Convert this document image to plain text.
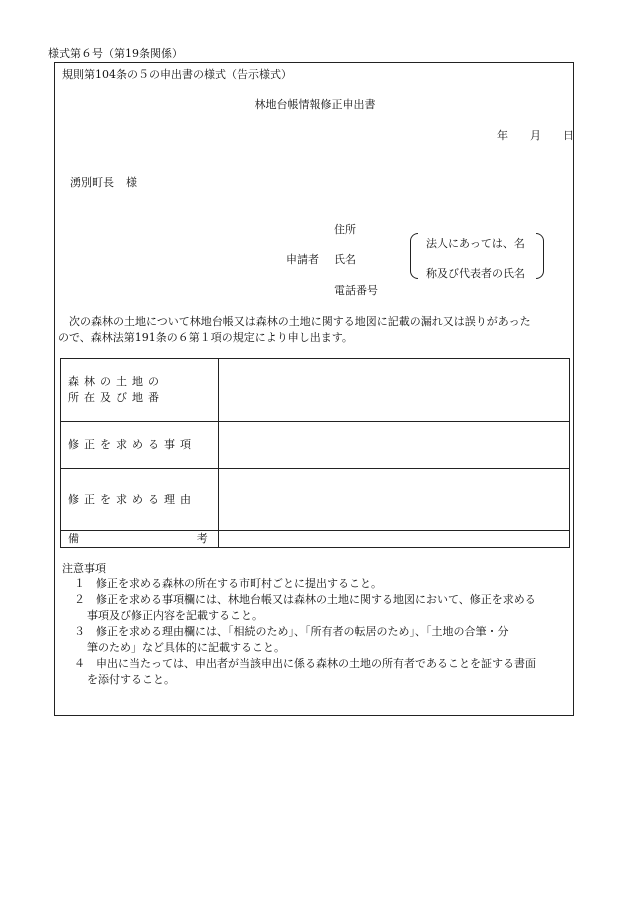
様式第６号（第19条関係）
規則第104条の５の申出書の様式（告示様式）
林地台帳情報修正申出書
年 月 日
湧別町長 様
住所
申請者 氏名
電話番号
法人にあっては、名
称及び代表者の氏名
次の森林の土地について林地台帳又は森林の土地に関する地図に記載の漏れ又は誤りがあった
ので、森林法第191条の６第１項の規定により申し出ます。
森林の土地の
所在及び地番	

修正を求める事項	
修正を求める理由	

備 考	

注意事項
１ 修正を求める森林の所在する市町村ごとに提出すること。
２ 修正を求める事項欄には、林地台帳又は森林の土地に関する地図において、修正を求める
事項及び修正内容を記載すること。
３ 修正を求める理由欄には、「相続のため」、「所有者の転居のため」、「土地の合筆・分
筆のため」など具体的に記載すること。
４ 申出に当たっては、申出者が当該申出に係る森林の土地の所有者であることを証する書面
を添付すること。
